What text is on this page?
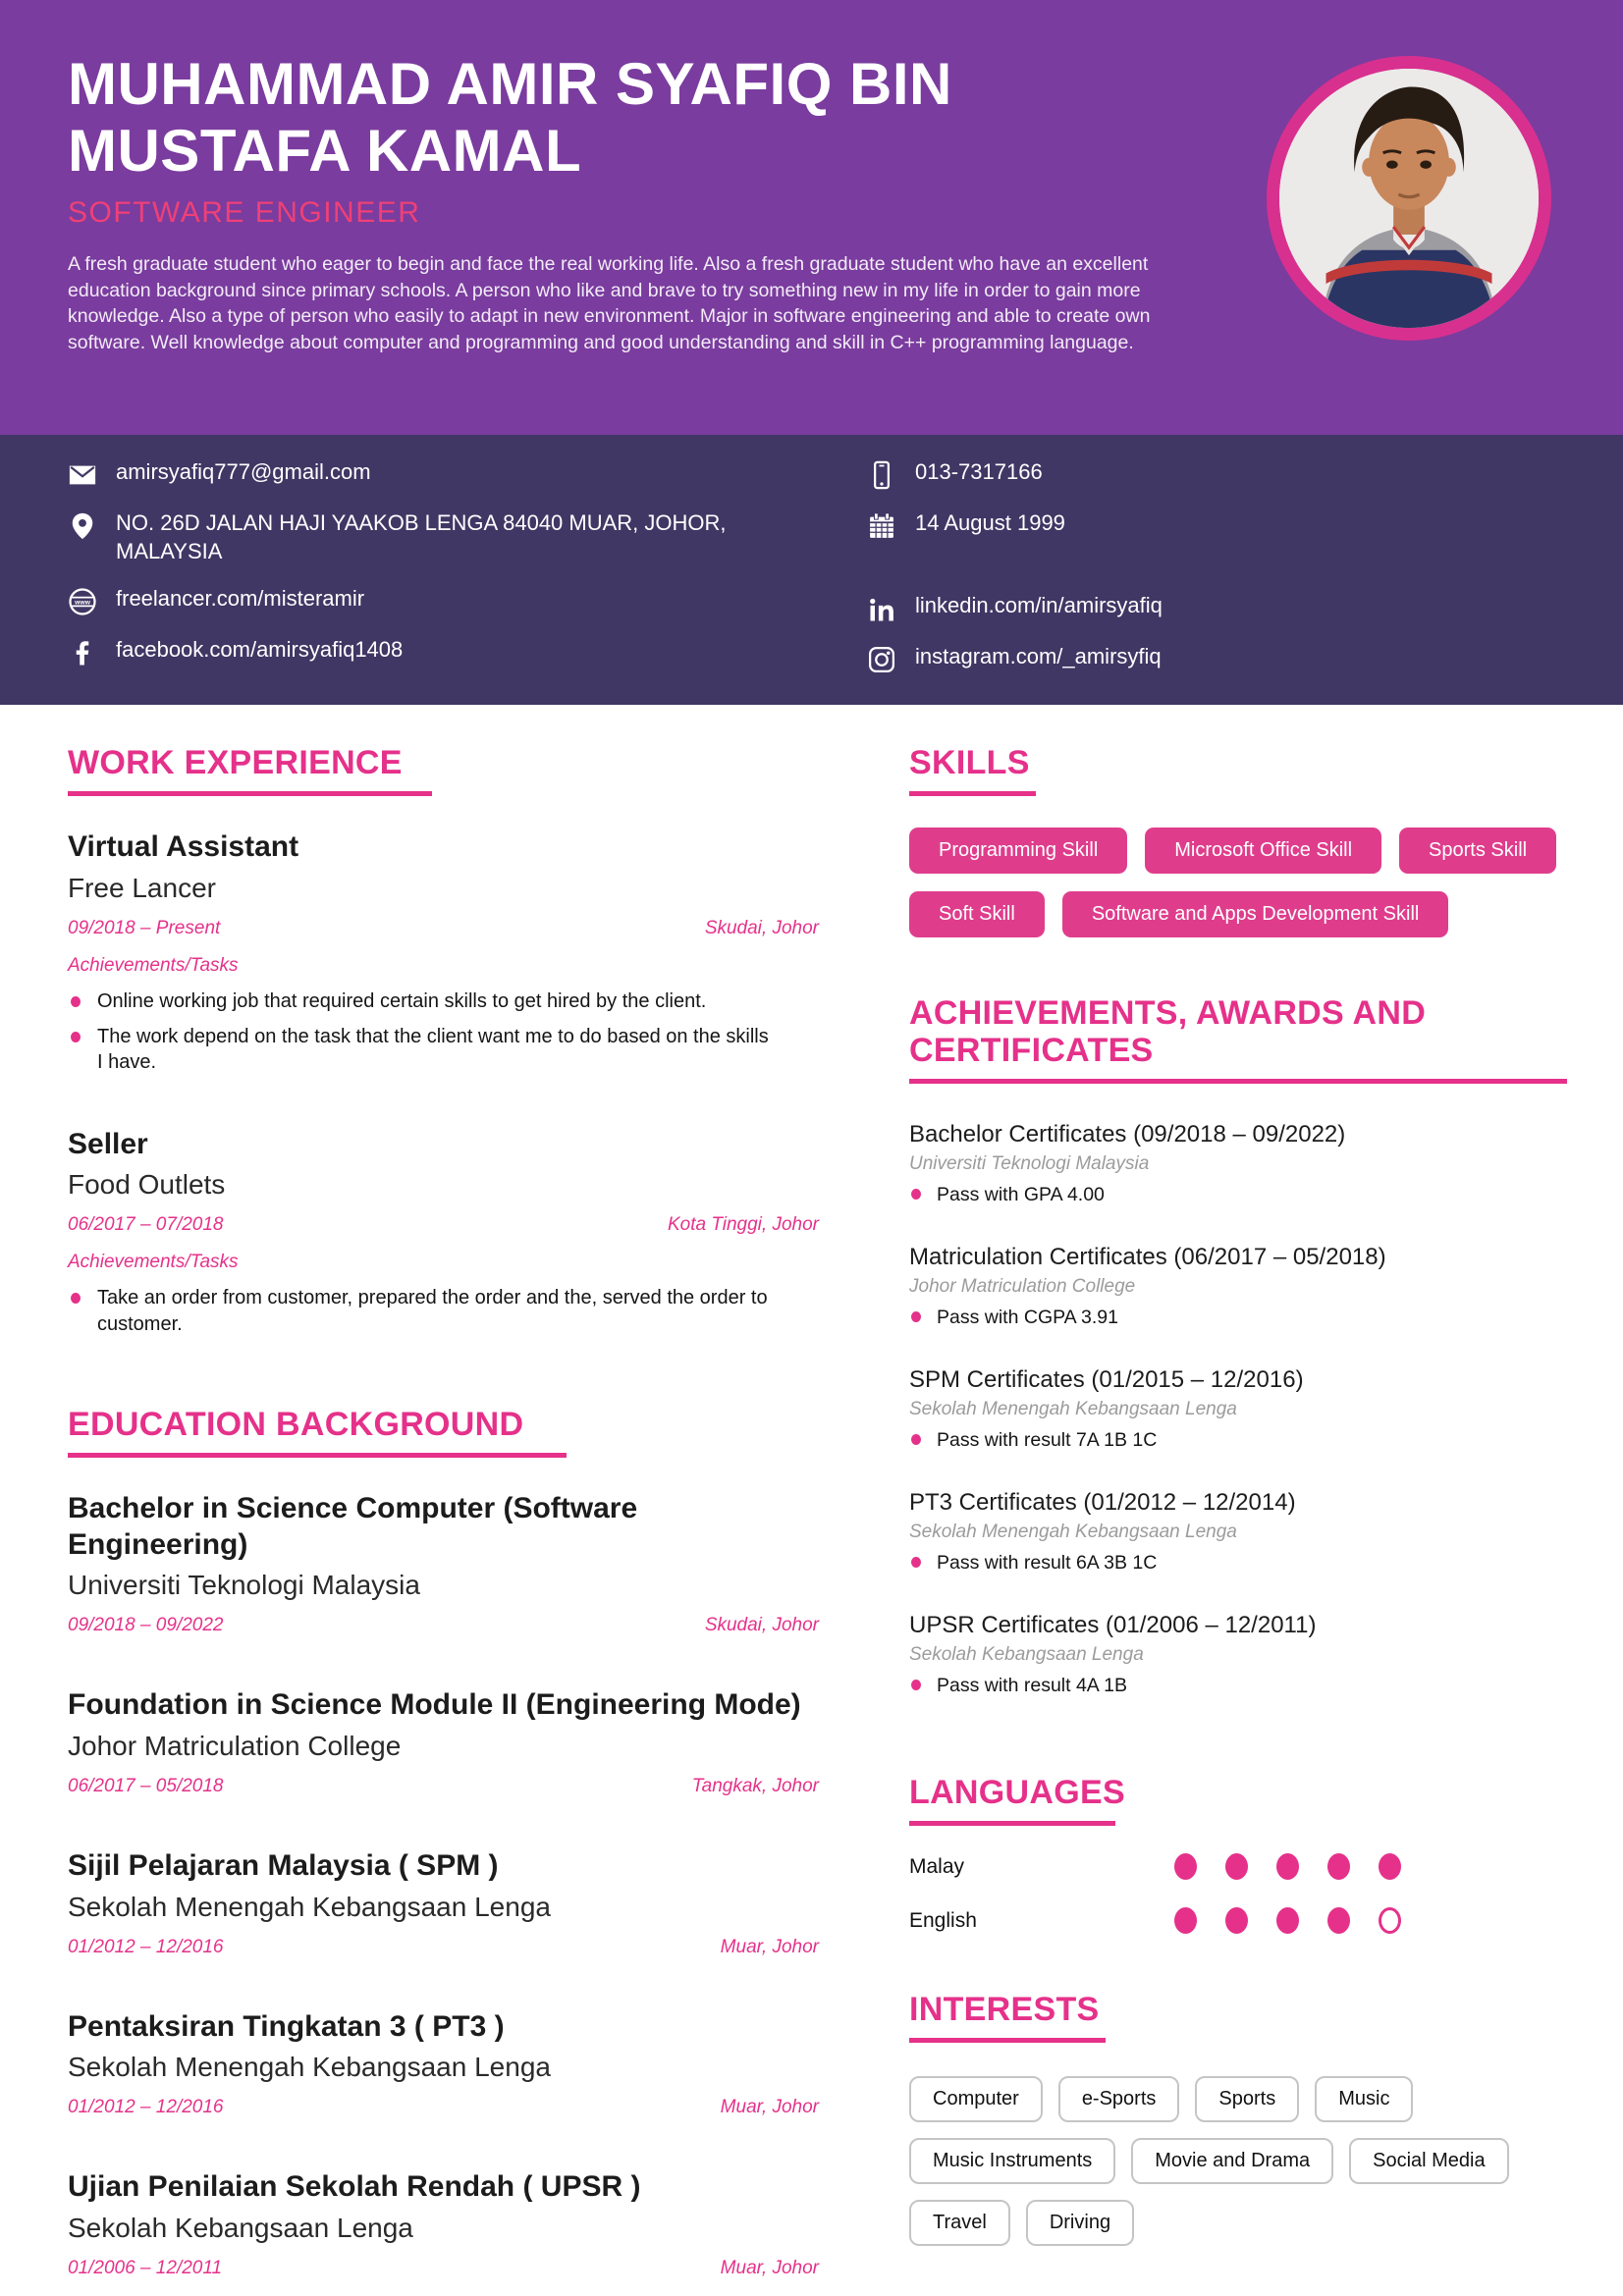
MUHAMMAD AMIR SYAFIQ BIN MUSTAFA KAMAL
SOFTWARE ENGINEER
A fresh graduate student who eager to begin and face the real working life. Also a fresh graduate student who have an excellent education background since primary schools. A person who like and brave to try something new in my life in order to gain more knowledge. Also a type of person who easily to adapt in new environment. Major in software engineering and able to create own software. Well knowledge about computer and programming and good understanding and skill in C++ programming language.
amirsyafiq777@gmail.com
NO. 26D JALAN HAJI YAAKOB LENGA 84040 MUAR, JOHOR, MALAYSIA
www freelancer.com/misteramir
facebook.com/amirsyafiq1408
013-7317166
14 August 1999
linkedin.com/in/amirsyafiq
instagram.com/_amirsyfiq
WORK EXPERIENCE
Virtual Assistant
Free Lancer
09/2018 – Present	Skudai, Johor
Achievements/Tasks
Online working job that required certain skills to get hired by the client.
The work depend on the task that the client want me to do based on the skills I have.
Seller
Food Outlets
06/2017 – 07/2018	Kota Tinggi, Johor
Achievements/Tasks
Take an order from customer, prepared the order and the, served the order to customer.
EDUCATION BACKGROUND
Bachelor in Science Computer (Software Engineering)
Universiti Teknologi Malaysia
09/2018 – 09/2022	Skudai, Johor
Foundation in Science Module II (Engineering Mode)
Johor Matriculation College
06/2017 – 05/2018	Tangkak, Johor
Sijil Pelajaran Malaysia ( SPM )
Sekolah Menengah Kebangsaan Lenga
01/2012 – 12/2016	Muar, Johor
Pentaksiran Tingkatan 3 ( PT3 )
Sekolah Menengah Kebangsaan Lenga
01/2012 – 12/2016	Muar, Johor
Ujian Penilaian Sekolah Rendah ( UPSR )
Sekolah Kebangsaan Lenga
01/2006 – 12/2011	Muar, Johor
SKILLS
Programming Skill	Microsoft Office Skill	Sports Skill
Soft Skill	Software and Apps Development Skill
ACHIEVEMENTS, AWARDS AND CERTIFICATES
Bachelor Certificates (09/2018 – 09/2022)
Universiti Teknologi Malaysia
Pass with GPA 4.00
Matriculation Certificates (06/2017 – 05/2018)
Johor Matriculation College
Pass with CGPA 3.91
SPM Certificates (01/2015 – 12/2016)
Sekolah Menengah Kebangsaan Lenga
Pass with result 7A 1B 1C
PT3 Certificates (01/2012 – 12/2014)
Sekolah Menengah Kebangsaan Lenga
Pass with result 6A 3B 1C
UPSR Certificates (01/2006 – 12/2011)
Sekolah Kebangsaan Lenga
Pass with result 4A 1B
LANGUAGES
Malay
English
INTERESTS
Computer	e-Sports	Sports	Music
Music Instruments	Movie and Drama	Social Media
Travel	Driving
